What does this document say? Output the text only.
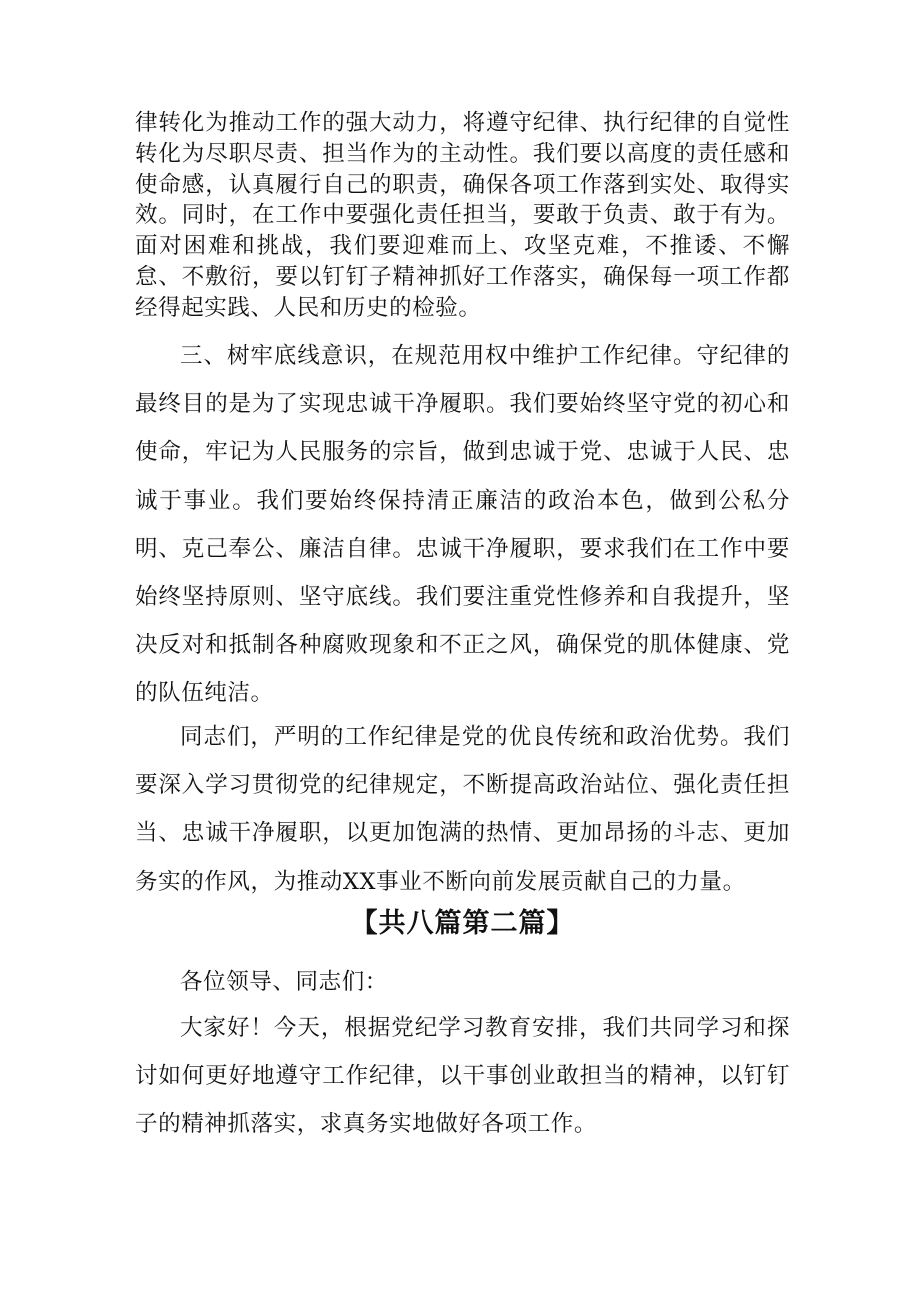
律转化为推动工作的强大动力，将遵守纪律、执行纪律的自觉性转化为尽职尽责、担当作为的主动性。我们要以高度的责任感和使命感，认真履行自己的职责，确保各项工作落到实处、取得实效。同时，在工作中要强化责任担当，要敢于负责、敢于有为。面对困难和挑战，我们要迎难而上、攻坚克难，不推诿、不懈怠、不敷衍，要以钉钉子精神抓好工作落实，确保每一项工作都经得起实践、人民和历史的检验。

三、树牢底线意识，在规范用权中维护工作纪律。守纪律的最终目的是为了实现忠诚干净履职。我们要始终坚守党的初心和使命，牢记为人民服务的宗旨，做到忠诚于党、忠诚于人民、忠诚于事业。我们要始终保持清正廉洁的政治本色，做到公私分明、克己奉公、廉洁自律。忠诚干净履职，要求我们在工作中要始终坚持原则、坚守底线。我们要注重党性修养和自我提升，坚决反对和抵制各种腐败现象和不正之风，确保党的肌体健康、党的队伍纯洁。

同志们，严明的工作纪律是党的优良传统和政治优势。我们要深入学习贯彻党的纪律规定，不断提高政治站位、强化责任担当、忠诚干净履职，以更加饱满的热情、更加昂扬的斗志、更加务实的作风，为推动XX事业不断向前发展贡献自己的力量。

【共八篇第二篇】

各位领导、同志们：

大家好！今天，根据党纪学习教育安排，我们共同学习和探讨如何更好地遵守工作纪律，以干事创业敢担当的精神，以钉钉子的精神抓落实，求真务实地做好各项工作。
